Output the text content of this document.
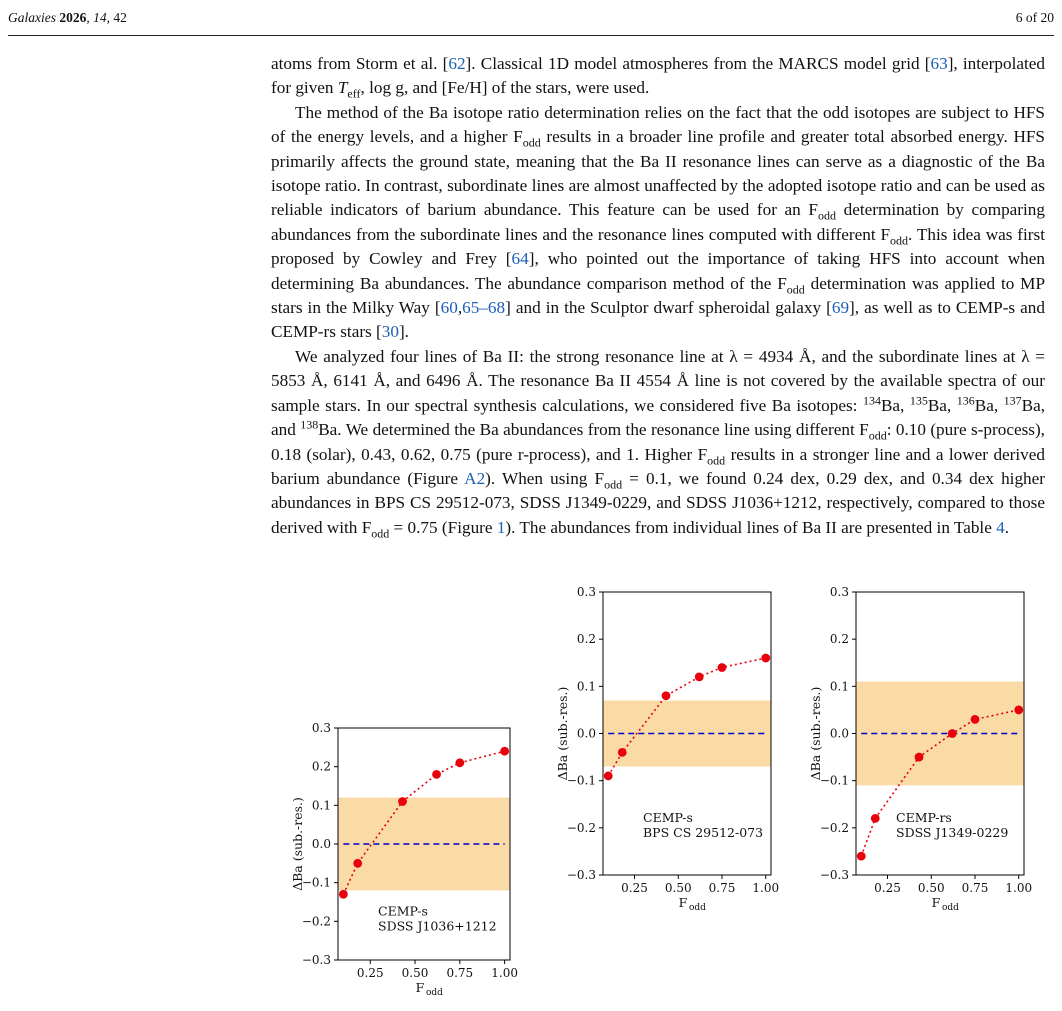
Galaxies 2026, 14, 42	6 of 20

atoms from Storm et al. [62]. Classical 1D model atmospheres from the MARCS model grid [63], interpolated for given $T_{eff}$, log g, and [Fe/H] of the stars, were used.

The method of the Ba isotope ratio determination relies on the fact that the odd isotopes are subject to HFS of the energy levels, and a higher $F_{odd}$ results in a broader line profile and greater total absorbed energy. HFS primarily affects the ground state, meaning that the Ba II resonance lines can serve as a diagnostic of the Ba isotope ratio. In contrast, subordinate lines are almost unaffected by the adopted isotope ratio and can be used as reliable indicators of barium abundance. This feature can be used for an $F_{odd}$ determination by comparing abundances from the subordinate lines and the resonance lines computed with different $F_{odd}$. This idea was first proposed by Cowley and Frey [64], who pointed out the importance of taking HFS into account when determining Ba abundances. The abundance comparison method of the $F_{odd}$ determination was applied to MP stars in the Milky Way [60,65–68] and in the Sculptor dwarf spheroidal galaxy [69], as well as to CEMP-s and CEMP-rs stars [30].

We analyzed four lines of Ba II: the strong resonance line at λ = 4934 Å, and the subordinate lines at λ = 5853 Å, 6141 Å, and 6496 Å. The resonance Ba II 4554 Å line is not covered by the available spectra of our sample stars. In our spectral synthesis calculations, we considered five Ba isotopes: $^{134}$Ba, $^{135}$Ba, $^{136}$Ba, $^{137}$Ba, and $^{138}$Ba. We determined the Ba abundances from the resonance line using different $F_{odd}$: 0.10 (pure s-process), 0.18 (solar), 0.43, 0.62, 0.75 (pure r-process), and 1. Higher $F_{odd}$ results in a stronger line and a lower derived barium abundance (Figure A2). When using $F_{odd} = 0.1$, we found 0.24 dex, 0.29 dex, and 0.34 dex higher abundances in BPS CS 29512-073, SDSS J1349-0229, and SDSS J1036+1212, respectively, compared to those derived with $F_{odd} = 0.75$ (Figure 1). The abundances from individual lines of Ba II are presented in Table 4.

−0.3
−0.2
−0.1
0.0
0.1
0.2
0.3
0.25 0.50 0.75 1.00
F odd
ΔBa (sub.-res.)
CEMP-s
SDSS J1036+1212
−0.3
−0.2
−0.1
0.0
0.1
0.2
0.3
0.25 0.50 0.75 1.00
F odd
ΔBa (sub.-res.)
CEMP-s
BPS CS 29512-073
−0.3
−0.2
−0.1
0.0
0.1
0.2
0.3
0.25 0.50 0.75 1.00
F odd
ΔBa (sub.-res.)
CEMP-rs
SDSS J1349-0229
